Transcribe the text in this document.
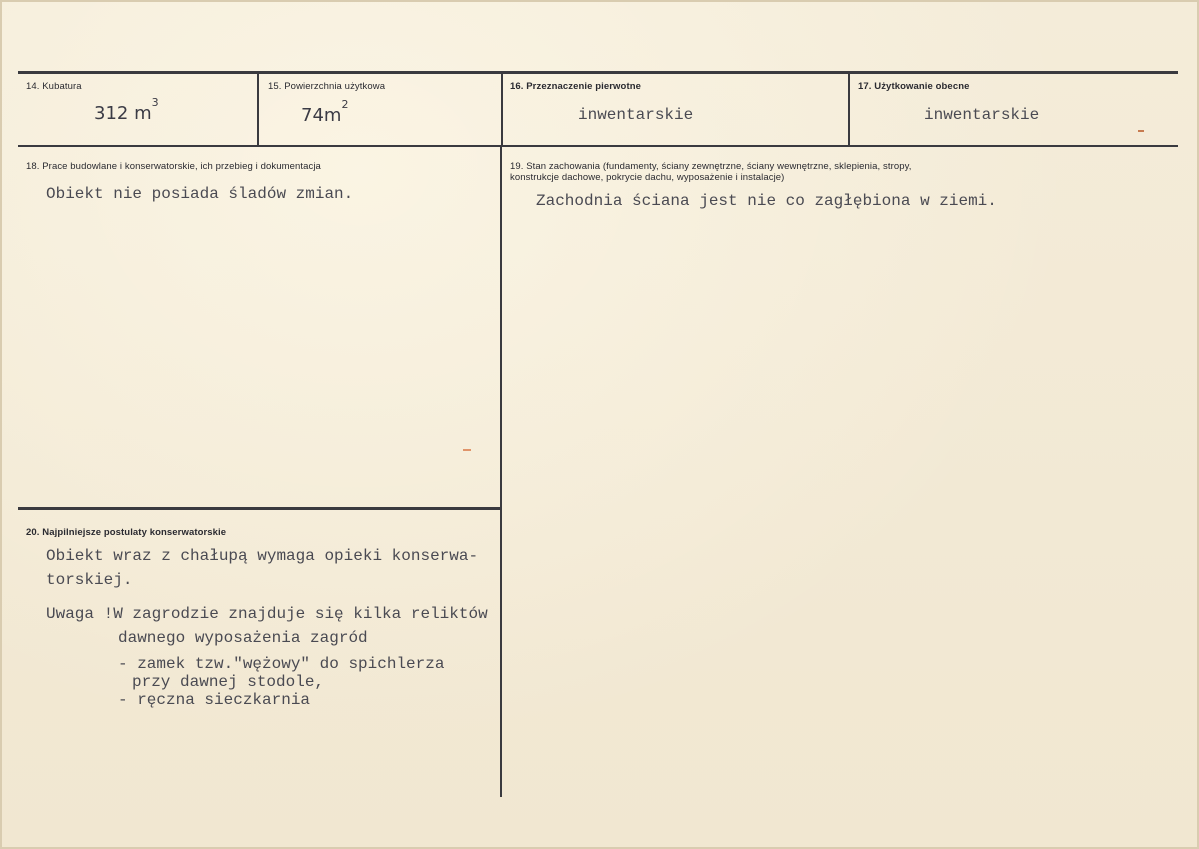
14. Kubatura
312 $m^3$
15. Powierzchnia użytkowa
$74m^2$
16. Przeznaczenie pierwotne
inwentarskie
17. Użytkowanie obecne
inwentarskie
18. Prace budowlane i konserwatorskie, ich przebieg i dokumentacja
Obiekt nie posiada śladów zmian.
19. Stan zachowania (fundamenty, ściany zewnętrzne, ściany wewnętrzne, sklepienia, stropy,
konstrukcje dachowe, pokrycie dachu, wyposażenie i instalacje)
Zachodnia ściana jest nie co zagłębiona w ziemi.
20. Najpilniejsze postulaty konserwatorskie
Obiekt wraz z chałupą wymaga opieki konserwa-
torskiej.
Uwaga !W zagrodzie znajduje się kilka reliktów
dawnego wyposażenia zagród
- zamek tzw."wężowy" do spichlerza
przy dawnej stodole,
- ręczna sieczkarnia
